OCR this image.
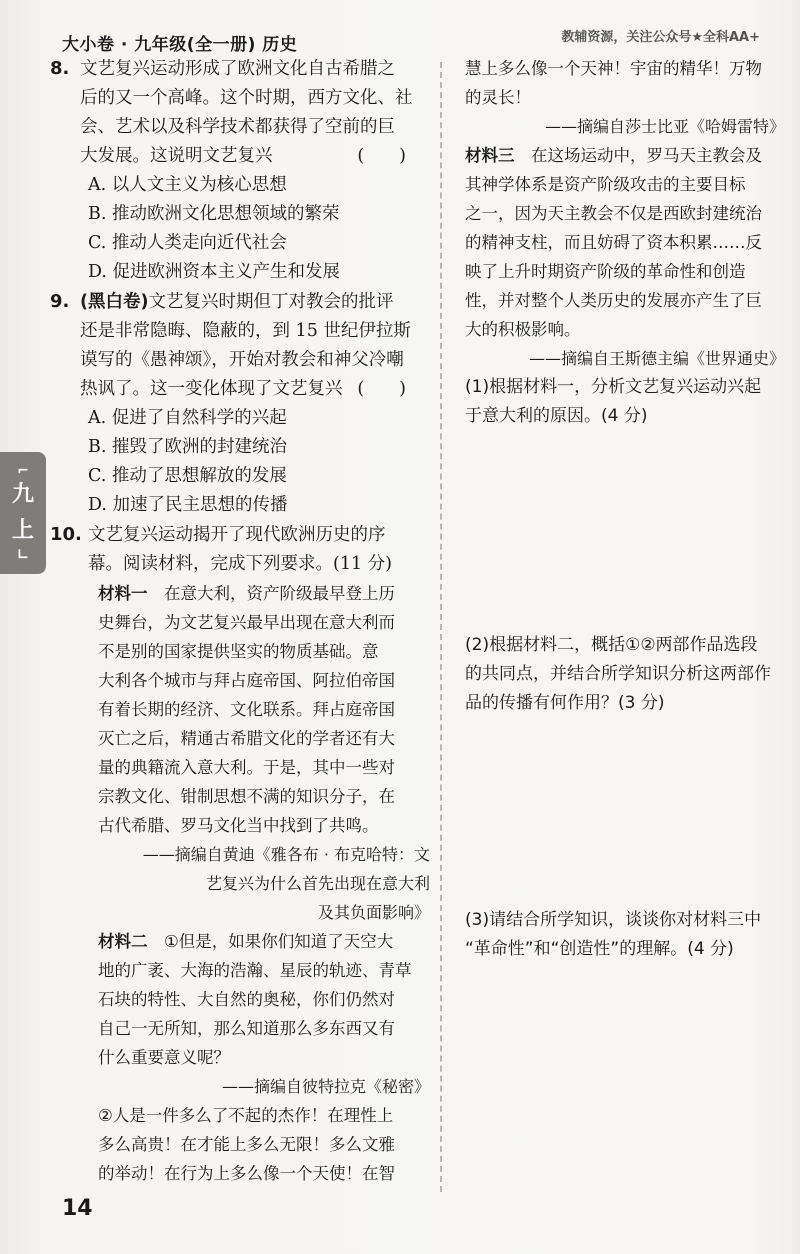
大小卷 · 九年级(全一册) 历史	教辅资源，关注公众号★全科AA+
⌐
九
上
∟
8. 文艺复兴运动形成了欧洲文化自古希腊之
后的又一个高峰。这个时期，西方文化、社
会、艺术以及科学技术都获得了空前的巨
大发展。这说明文艺复兴	(　　)
A. 以人文主义为核心思想
B. 推动欧洲文化思想领域的繁荣
C. 推动人类走向近代社会
D. 促进欧洲资本主义产生和发展
9. (黑白卷)文艺复兴时期但丁对教会的批评
还是非常隐晦、隐蔽的，到 15 世纪伊拉斯
谟写的《愚神颂》，开始对教会和神父冷嘲
热讽了。这一变化体现了文艺复兴 (　　)
A. 促进了自然科学的兴起
B. 摧毁了欧洲的封建统治
C. 推动了思想解放的发展
D. 加速了民主思想的传播
10. 文艺复兴运动揭开了现代欧洲历史的序
幕。阅读材料，完成下列要求。(11 分)
材料一　 在意大利，资产阶级最早登上历
史舞台，为文艺复兴最早出现在意大利而
不是别的国家提供坚实的物质基础。意
大利各个城市与拜占庭帝国、阿拉伯帝国
有着长期的经济、文化联系。拜占庭帝国
灭亡之后，精通古希腊文化的学者还有大
量的典籍流入意大利。于是，其中一些对
宗教文化、钳制思想不满的知识分子，在
古代希腊、罗马文化当中找到了共鸣。
——摘编自黄迪《雅各布 · 布克哈特：文
艺复兴为什么首先出现在意大利
及其负面影响》
材料二　 ①但是，如果你们知道了天空大
地的广袤、大海的浩瀚、星辰的轨迹、青草
石块的特性、大自然的奥秘，你们仍然对
自己一无所知，那么知道那么多东西又有
什么重要意义呢？
——摘编自彼特拉克《秘密》
②人是一件多么了不起的杰作！在理性上
多么高贵！在才能上多么无限！多么文雅
的举动！在行为上多么像一个天使！在智
慧上多么像一个天神！宇宙的精华！万物
的灵长！
——摘编自莎士比亚《哈姆雷特》
材料三　 在这场运动中，罗马天主教会及
其神学体系是资产阶级攻击的主要目标
之一，因为天主教会不仅是西欧封建统治
的精神支柱，而且妨碍了资本积累……反
映了上升时期资产阶级的革命性和创造
性，并对整个人类历史的发展亦产生了巨
大的积极影响。
——摘编自王斯德主编《世界通史》
(1)根据材料一，分析文艺复兴运动兴起
于意大利的原因。(4 分)
(2)根据材料二，概括①②两部作品选段
的共同点，并结合所学知识分析这两部作
品的传播有何作用？(3 分)
(3)请结合所学知识，谈谈你对材料三中
“革命性”和“创造性”的理解。(4 分)
14
